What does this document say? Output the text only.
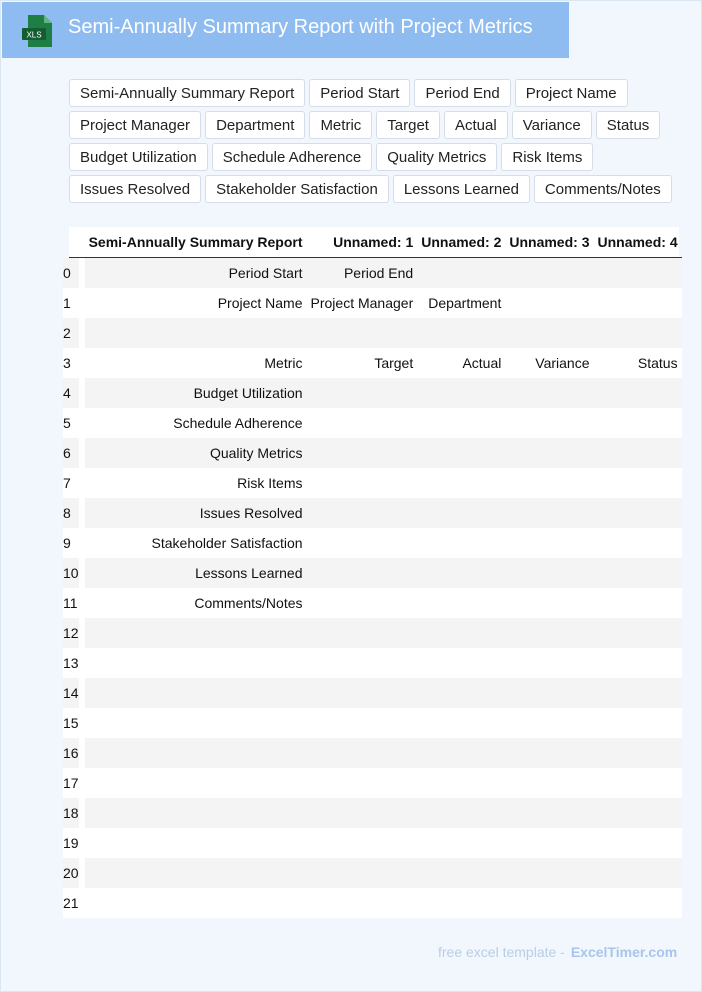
XLS Semi-Annually Summary Report with Project Metrics
Semi-Annually Summary Report	Period Start	Period End	Project Name
Project Manager	Department	Metric	Target	Actual	Variance	Status
Budget Utilization	Schedule Adherence	Quality Metrics	Risk Items
Issues Resolved	Stakeholder Satisfaction	Lessons Learned	Comments/Notes
	Semi-Annually Summary Report	Unnamed: 1	Unnamed: 2	Unnamed: 3	Unnamed: 4
0	Period Start	Period End			
1	Project Name	Project Manager	Department		
2					
3	Metric	Target	Actual	Variance	Status
4	Budget Utilization				
5	Schedule Adherence				
6	Quality Metrics				
7	Risk Items				
8	Issues Resolved				
9	Stakeholder Satisfaction				
10	Lessons Learned				
11	Comments/Notes				
12					
13					
14					
15					
16					
17					
18					
19					
20					
21					
free excel template - ExcelTimer.com
